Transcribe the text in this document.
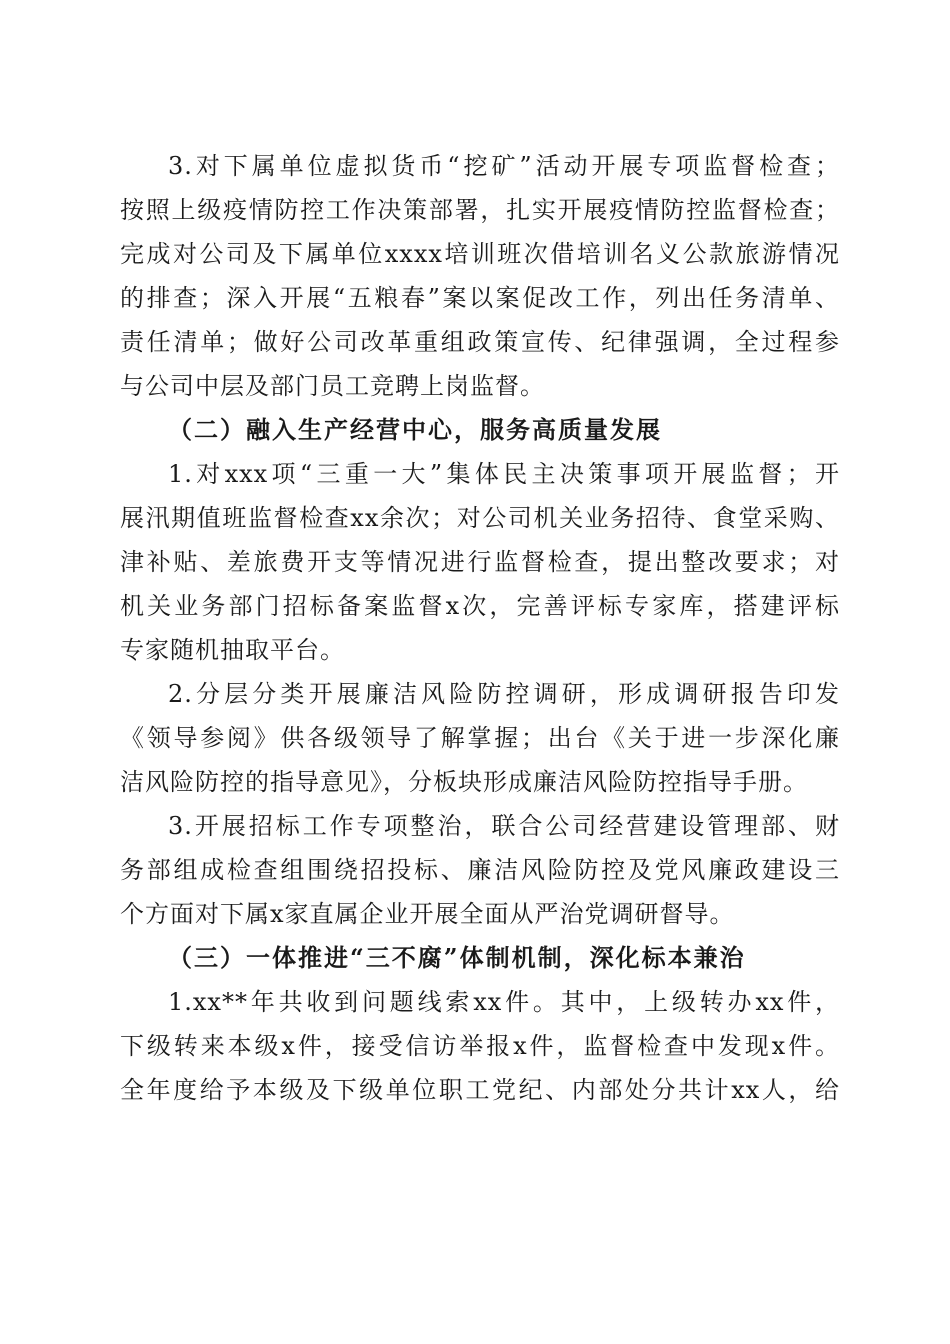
3.对下属单位虚拟货币“挖矿”活动开展专项监督检查；
按照上级疫情防控工作决策部署，扎实开展疫情防控监督检查；
完成对公司及下属单位xxxx培训班次借培训名义公款旅游情况
的排查；深入开展“五粮春”案以案促改工作，列出任务清单、
责任清单；做好公司改革重组政策宣传、纪律强调，全过程参
与公司中层及部门员工竞聘上岗监督。
（二）融入生产经营中心，服务高质量发展
1.对xxx项“三重一大”集体民主决策事项开展监督；开
展汛期值班监督检查xx余次；对公司机关业务招待、食堂采购、
津补贴、差旅费开支等情况进行监督检查，提出整改要求；对
机关业务部门招标备案监督x次，完善评标专家库，搭建评标
专家随机抽取平台。
2.分层分类开展廉洁风险防控调研，形成调研报告印发
《领导参阅》供各级领导了解掌握；出台《关于进一步深化廉
洁风险防控的指导意见》，分板块形成廉洁风险防控指导手册。
3.开展招标工作专项整治，联合公司经营建设管理部、财
务部组成检查组围绕招投标、廉洁风险防控及党风廉政建设三
个方面对下属x家直属企业开展全面从严治党调研督导。
（三）一体推进“三不腐”体制机制，深化标本兼治
1.xx**年共收到问题线索xx件。其中，上级转办xx件，
下级转来本级x件，接受信访举报x件，监督检查中发现x件。
全年度给予本级及下级单位职工党纪、内部处分共计xx人，给
